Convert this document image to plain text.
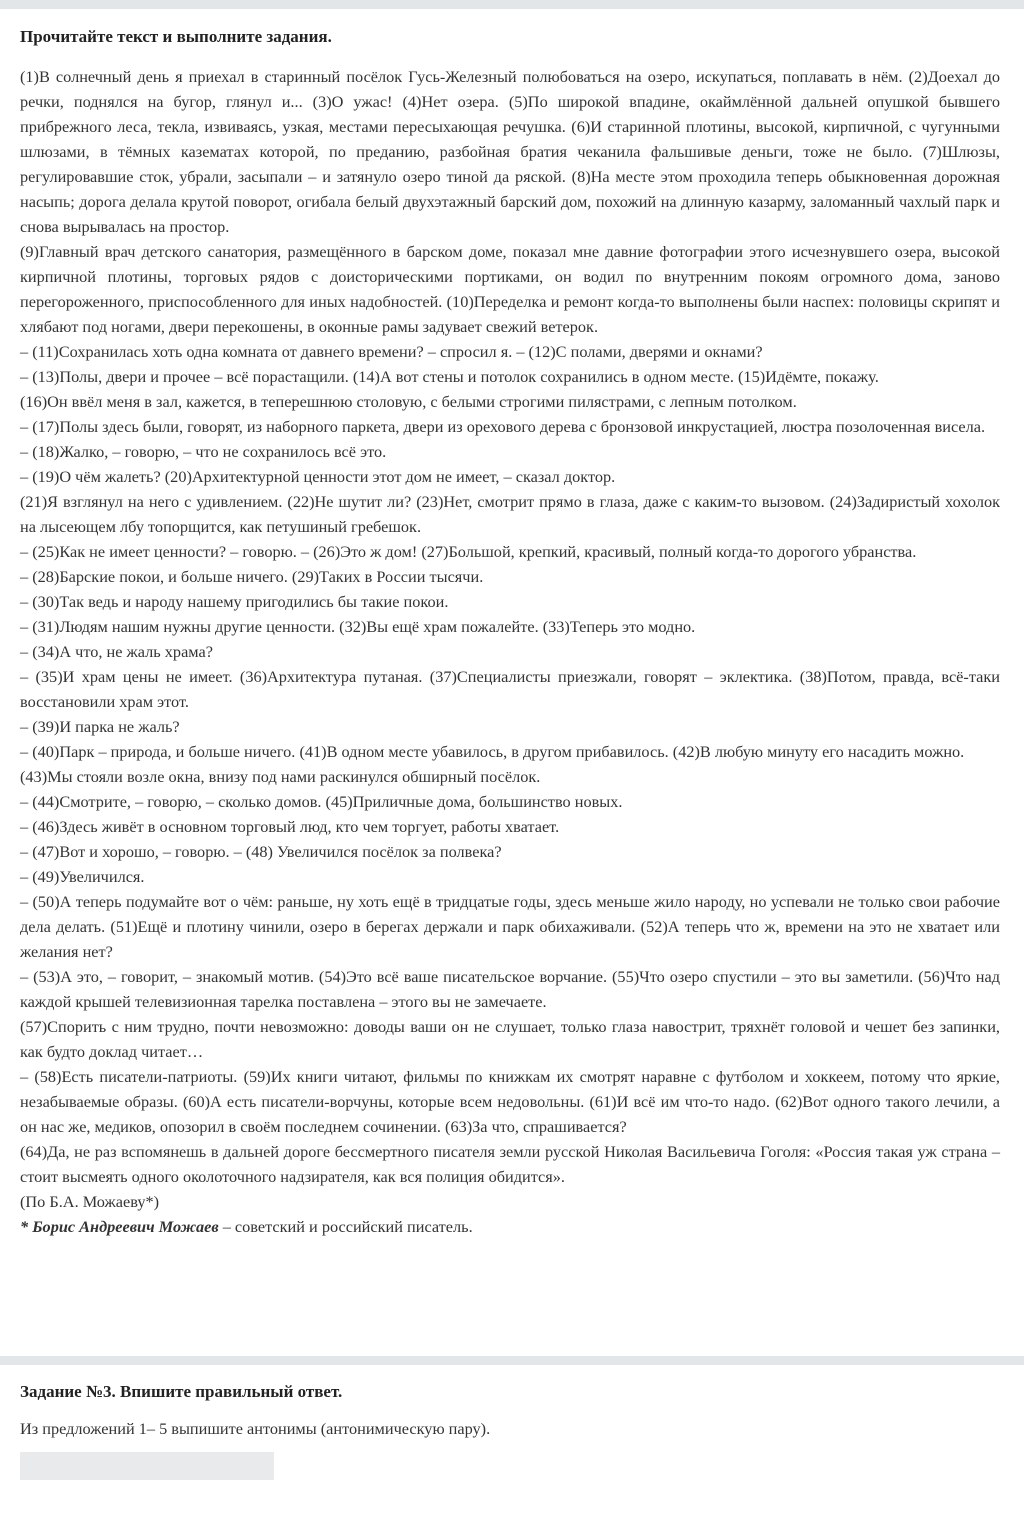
Прочитайте текст и выполните задания.

(1)В солнечный день я приехал в старинный посёлок Гусь-Железный полюбоваться на озеро, искупаться, поплавать в нём. (2)Доехал до речки, поднялся на бугор, глянул и... (3)О ужас! (4)Нет озера. (5)По широкой впадине, окаймлённой дальней опушкой бывшего прибрежного леса, текла, извиваясь, узкая, местами пересыхающая речушка. (6)И старинной плотины, высокой, кирпичной, с чугунными шлюзами, в тёмных казематах которой, по преданию, разбойная братия чеканила фальшивые деньги, тоже не было. (7)Шлюзы, регулировавшие сток, убрали, засыпали – и затянуло озеро тиной да ряской. (8)На месте этом проходила теперь обыкновенная дорожная насыпь; дорога делала крутой поворот, огибала белый двухэтажный барский дом, похожий на длинную казарму, заломанный чахлый парк и снова вырывалась на простор.

(9)Главный врач детского санатория, размещённого в барском доме, показал мне давние фотографии этого исчезнувшего озера, высокой кирпичной плотины, торговых рядов с доисторическими портиками, он водил по внутренним покоям огромного дома, заново перегороженного, приспособленного для иных надобностей. (10)Переделка и ремонт когда-то выполнены были наспех: половицы скрипят и хлябают под ногами, двери перекошены, в оконные рамы задувает свежий ветерок.

– (11)Сохранилась хоть одна комната от давнего времени? – спросил я. – (12)С полами, дверями и окнами?

– (13)Полы, двери и прочее – всё порастащили. (14)А вот стены и потолок сохранились в одном месте. (15)Идёмте, покажу.

(16)Он ввёл меня в зал, кажется, в теперешнюю столовую, с белыми строгими пилястрами, с лепным потолком.

– (17)Полы здесь были, говорят, из наборного паркета, двери из орехового дерева с бронзовой инкрустацией, люстра позолоченная висела.

– (18)Жалко, – говорю, – что не сохранилось всё это.

– (19)О чём жалеть? (20)Архитектурной ценности этот дом не имеет, – сказал доктор.

(21)Я взглянул на него с удивлением. (22)Не шутит ли? (23)Нет, смотрит прямо в глаза, даже с каким-то вызовом. (24)Задиристый хохолок на лысеющем лбу топорщится, как петушиный гребешок.

– (25)Как не имеет ценности? – говорю. – (26)Это ж дом! (27)Большой, крепкий, красивый, полный когда-то дорогого убранства.

– (28)Барские покои, и больше ничего. (29)Таких в России тысячи.

– (30)Так ведь и народу нашему пригодились бы такие покои.

– (31)Людям нашим нужны другие ценности. (32)Вы ещё храм пожалейте. (33)Теперь это модно.

– (34)А что, не жаль храма?

– (35)И храм цены не имеет. (36)Архитектура путаная. (37)Специалисты приезжали, говорят – эклектика. (38)Потом, правда, всё-таки восстановили храм этот.

– (39)И парка не жаль?

– (40)Парк – природа, и больше ничего. (41)В одном месте убавилось, в другом прибавилось. (42)В любую минуту его насадить можно.

(43)Мы стояли возле окна, внизу под нами раскинулся обширный посёлок.

– (44)Смотрите, – говорю, – сколько домов. (45)Приличные дома, большинство новых.

– (46)Здесь живёт в основном торговый люд, кто чем торгует, работы хватает.

– (47)Вот и хорошо, – говорю. – (48) Увеличился посёлок за полвека?

– (49)Увеличился.

– (50)А теперь подумайте вот о чём: раньше, ну хоть ещё в тридцатые годы, здесь меньше жило народу, но успевали не только свои рабочие дела делать. (51)Ещё и плотину чинили, озеро в берегах держали и парк обихаживали. (52)А теперь что ж, времени на это не хватает или желания нет?

– (53)А это, – говорит, – знакомый мотив. (54)Это всё ваше писательское ворчание. (55)Что озеро спустили – это вы заметили. (56)Что над каждой крышей телевизионная тарелка поставлена – этого вы не замечаете.

(57)Спорить с ним трудно, почти невозможно: доводы ваши он не слушает, только глаза навострит, тряхнёт головой и чешет без запинки, как будто доклад читает…

– (58)Есть писатели-патриоты. (59)Их книги читают, фильмы по книжкам их смотрят наравне с футболом и хоккеем, потому что яркие, незабываемые образы. (60)А есть писатели-ворчуны, которые всем недовольны. (61)И всё им что-то надо. (62)Вот одного такого лечили, а он нас же, медиков, опозорил в своём последнем сочинении. (63)За что, спрашивается?

(64)Да, не раз вспомянешь в дальней дороге бессмертного писателя земли русской Николая Васильевича Гоголя: «Россия такая уж страна – стоит высмеять одного околоточного надзирателя, как вся полиция обидится».

(По Б.А. Можаеву*)

* Борис Андреевич Можаев – советский и российский писатель.

Задание №3. Впишите правильный ответ.

Из предложений 1– 5 выпишите антонимы (антонимическую пару).
